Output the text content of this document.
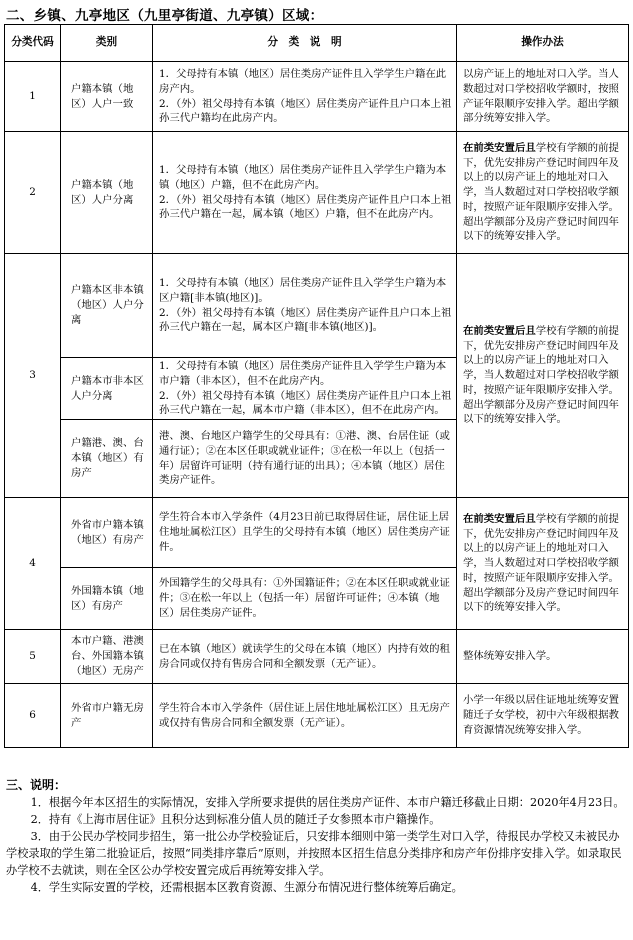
二、乡镇、九亭地区（九里亭街道、九亭镇）区域：
分类代码	类别	分　类　说　明	操作办法
1	户籍本镇（地区）人户一致	1．父母持有本镇（地区）居住类房产证件且入学学生户籍在此房产内。
2．（外）祖父母持有本镇（地区）居住类房产证件且户口本上祖孙三代户籍均在此房产内。	以房产证上的地址对口入学。当人数超过对口学校招收学额时，按照产证年限顺序安排入学。超出学额部分统筹安排入学。
2	户籍本镇（地区）人户分离	1．父母持有本镇（地区）居住类房产证件且入学学生户籍为本镇（地区）户籍，但不在此房产内。
2．（外）祖父母持有本镇（地区）居住类房产证件且户口本上祖孙三代户籍在一起，属本镇（地区）户籍，但不在此房产内。	在前类安置后且学校有学额的前提下，优先安排房产登记时间四年及以上的以房产证上的地址对口入学，当人数超过对口学校招收学额时，按照产证年限顺序安排入学。超出学额部分及房产登记时间四年以下的统筹安排入学。
3	户籍本区非本镇（地区）人户分离	1．父母持有本镇（地区）居住类房产证件且入学学生户籍为本区户籍[非本镇(地区)]。
2．（外）祖父母持有本镇（地区）居住类房产证件且户口本上祖孙三代户籍在一起，属本区户籍[非本镇(地区)]。	在前类安置后且学校有学额的前提下，优先安排房产登记时间四年及以上的以房产证上的地址对口入学，当人数超过对口学校招收学额时，按照产证年限顺序安排入学。超出学额部分及房产登记时间四年以下的统筹安排入学。
	户籍本市非本区人户分离	1．父母持有本镇（地区）居住类房产证件且入学学生户籍为本市户籍（非本区），但不在此房产内。
2．（外）祖父母持有本镇（地区）居住类房产证件且户口本上祖孙三代户籍在一起，属本市户籍（非本区），但不在此房产内。	

	户籍港、澳、台本镇（地区）有房产	港、澳、台地区户籍学生的父母具有：①港、澳、台居住证（或通行证）；②在本区任职或就业证件；③在松一年以上（包括一年）居留许可证明（持有通行证的出具）；④本镇（地区）居住类房产证件。	

4	外省市户籍本镇（地区）有房产	学生符合本市入学条件（4月23日前已取得居住证，居住证上居住地址属松江区）且学生的父母持有本镇（地区）居住类房产证件。	在前类安置后且学校有学额的前提下，优先安排房产登记时间四年及以上的以房产证上的地址对口入学，当人数超过对口学校招收学额时，按照产证年限顺序安排入学。超出学额部分及房产登记时间四年以下的统筹安排入学。
	外国籍本镇（地区）有房产	外国籍学生的父母具有：①外国籍证件；②在本区任职或就业证件；③在松一年以上（包括一年）居留许可证件；④本镇（地区）居住类房产证件。	

5	本市户籍、港澳台、外国籍本镇（地区）无房产	已在本镇（地区）就读学生的父母在本镇（地区）内持有效的租房合同或仅持有售房合同和全额发票（无产证）。	整体统筹安排入学。
6	外省市户籍无房产	学生符合本市入学条件（居住证上居住地址属松江区）且无房产或仅持有售房合同和全额发票（无产证）。	小学一年级以居住证地址统筹安置随迁子女学校，初中六年级根据教育资源情况统筹安排入学。
三、说明：
1．根据今年本区招生的实际情况，安排入学所要求提供的居住类房产证件、本市户籍迁移截止日期：2020年4月23日。
2．持有《上海市居住证》且积分达到标准分值人员的随迁子女参照本市户籍操作。
3．由于公民办学校同步招生，第一批公办学校验证后，只安排本细则中第一类学生对口入学，待报民办学校又未被民办学校录取的学生第二批验证后，按照“同类排序靠后”原则，并按照本区招生信息分类排序和房产年份排序安排入学。如录取民办学校不去就读，则在全区公办学校安置完成后再统筹安排入学。
4．学生实际安置的学校，还需根据本区教育资源、生源分布情况进行整体统筹后确定。
